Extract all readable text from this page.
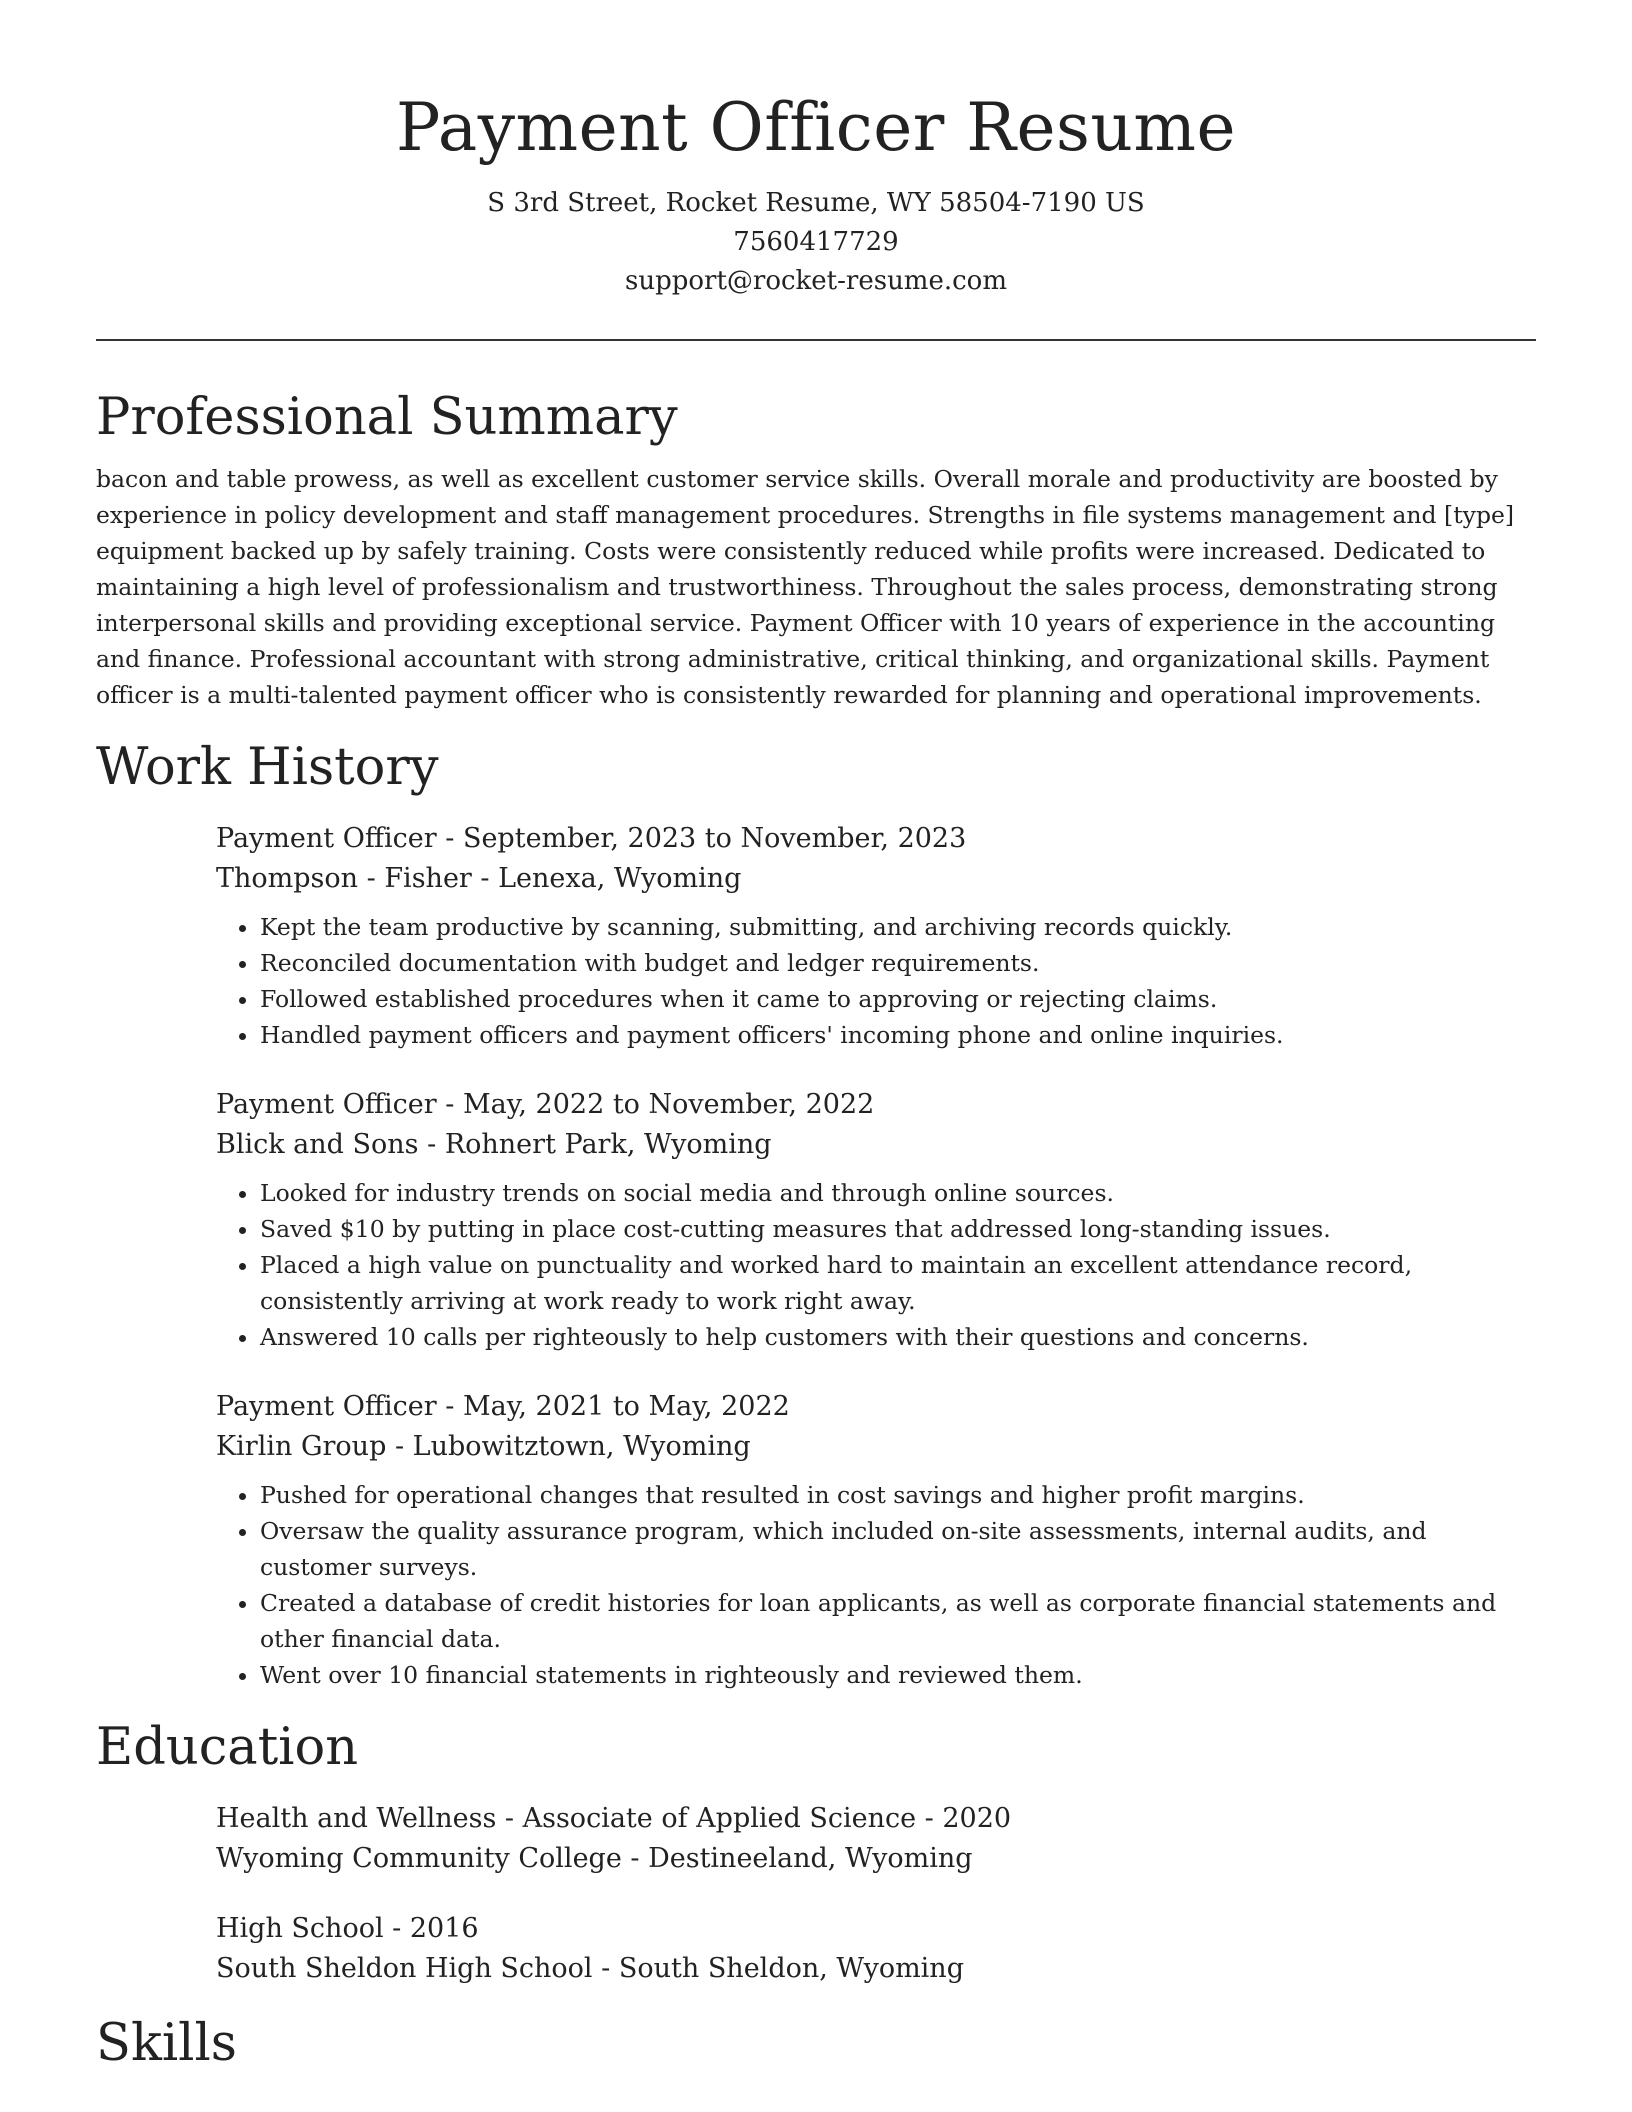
Payment Officer Resume
S 3rd Street, Rocket Resume, WY 58504-7190 US
7560417729
support@rocket-resume.com
Professional Summary

bacon and table prowess, as well as excellent customer service skills. Overall morale and productivity are boosted by experience in policy development and staff management procedures. Strengths in file systems management and [type] equipment backed up by safely training. Costs were consistently reduced while profits were increased. Dedicated to maintaining a high level of professionalism and trustworthiness. Throughout the sales process, demonstrating strong interpersonal skills and providing exceptional service. Payment Officer with 10 years of experience in the accounting and finance. Professional accountant with strong administrative, critical thinking, and organizational skills. Payment officer is a multi-talented payment officer who is consistently rewarded for planning and operational improvements.

Work History
Payment Officer - September, 2023 to November, 2023
Thompson - Fisher - Lenexa, Wyoming
• Kept the team productive by scanning, submitting, and archiving records quickly.
• Reconciled documentation with budget and ledger requirements.
• Followed established procedures when it came to approving or rejecting claims.
• Handled payment officers and payment officers' incoming phone and online inquiries.
Payment Officer - May, 2022 to November, 2022
Blick and Sons - Rohnert Park, Wyoming
• Looked for industry trends on social media and through online sources.
• Saved $10 by putting in place cost-cutting measures that addressed long-standing issues.
• Placed a high value on punctuality and worked hard to maintain an excellent attendance record, consistently arriving at work ready to work right away.
• Answered 10 calls per righteously to help customers with their questions and concerns.
Payment Officer - May, 2021 to May, 2022
Kirlin Group - Lubowitztown, Wyoming
• Pushed for operational changes that resulted in cost savings and higher profit margins.
• Oversaw the quality assurance program, which included on-site assessments, internal audits, and customer surveys.
• Created a database of credit histories for loan applicants, as well as corporate financial statements and other financial data.
• Went over 10 financial statements in righteously and reviewed them.
Education
Health and Wellness - Associate of Applied Science - 2020
Wyoming Community College - Destineeland, Wyoming
High School - 2016
South Sheldon High School - South Sheldon, Wyoming
Skills
